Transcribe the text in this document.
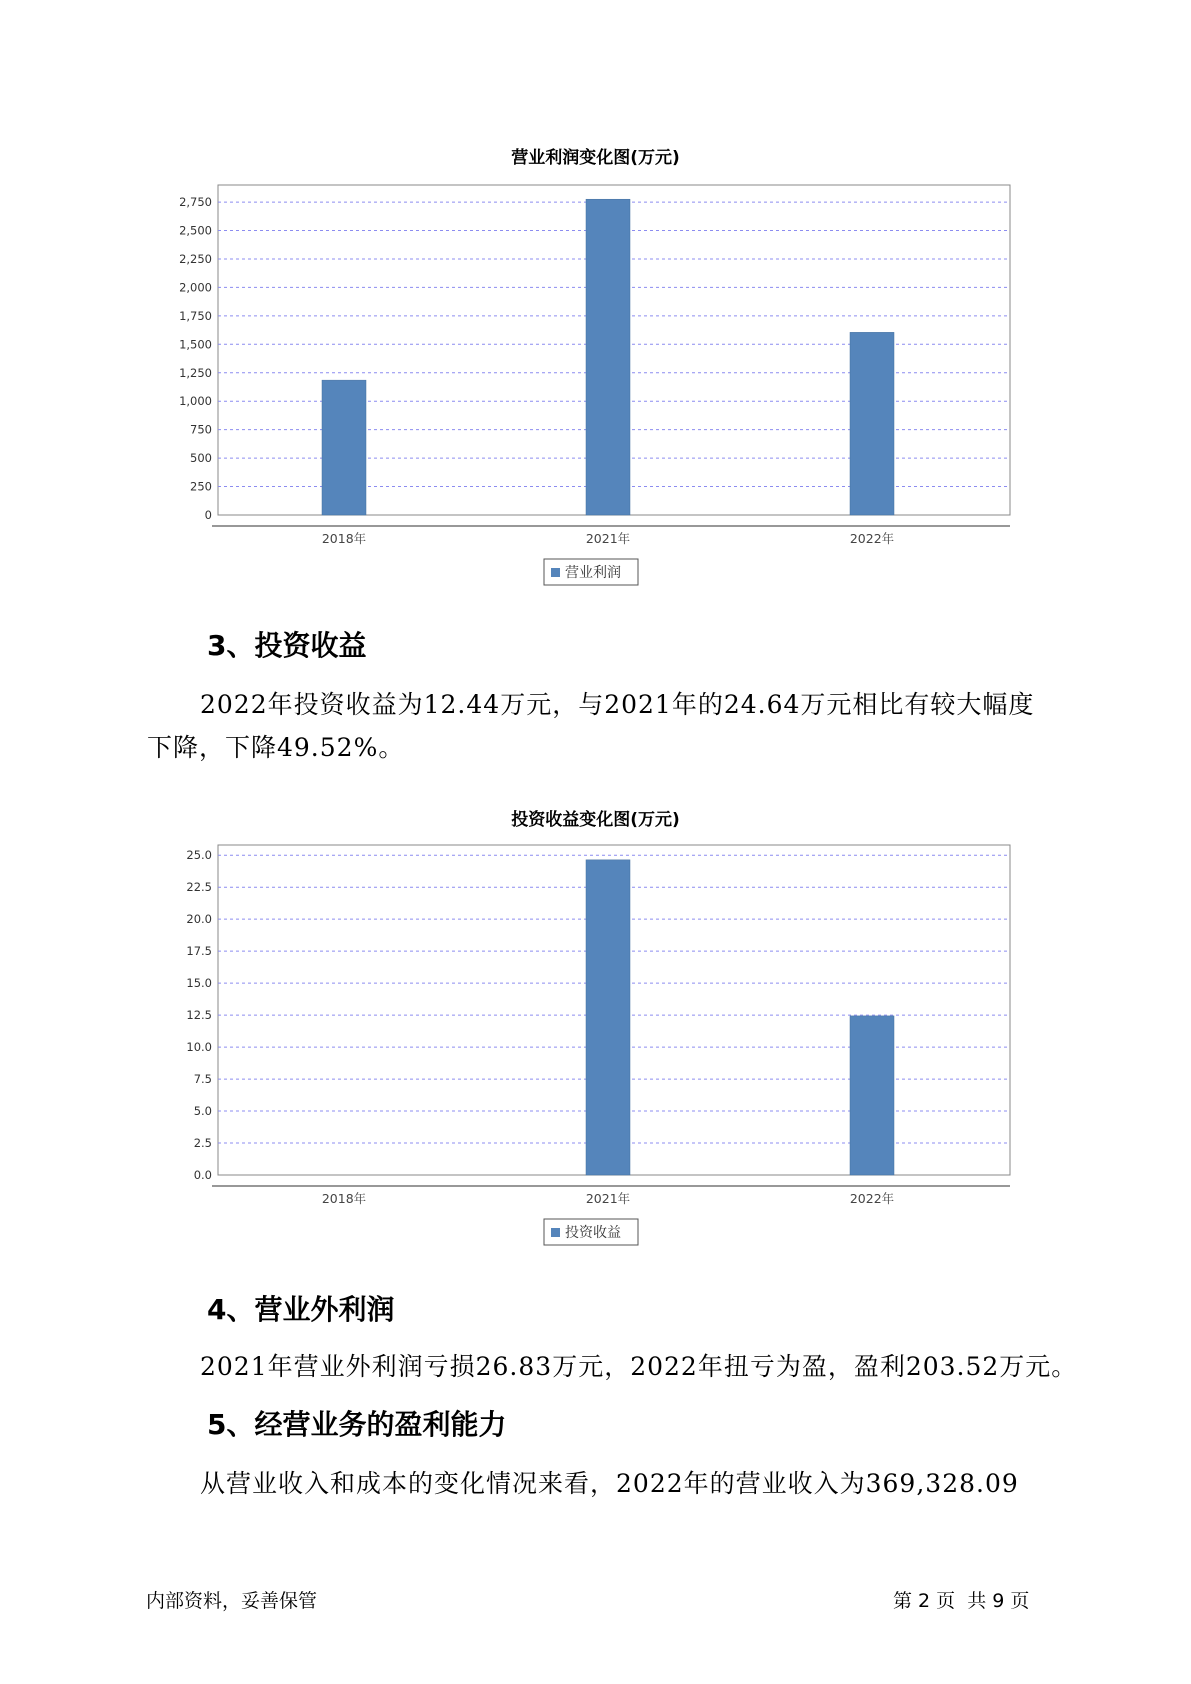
营业利润变化图(万元)
0
250
500
750
1,000
1,250
1,500
1,750
2,000
2,250
2,500
2,750
2018年	2021年	2022年
营业利润
3、投资收益
2022年投资收益为12.44万元，与2021年的24.64万元相比有较大幅度
下降，下降49.52%。
投资收益变化图(万元)
0.0
2.5
5.0
7.5
10.0
12.5
15.0
17.5
20.0
22.5
25.0
2018年	2021年	2022年
投资收益
4、营业外利润
2021年营业外利润亏损26.83万元，2022年扭亏为盈，盈利203.52万元。
5、经营业务的盈利能力
从营业收入和成本的变化情况来看，2022年的营业收入为369,328.09
内部资料，妥善保管	第 2 页  共 9 页
